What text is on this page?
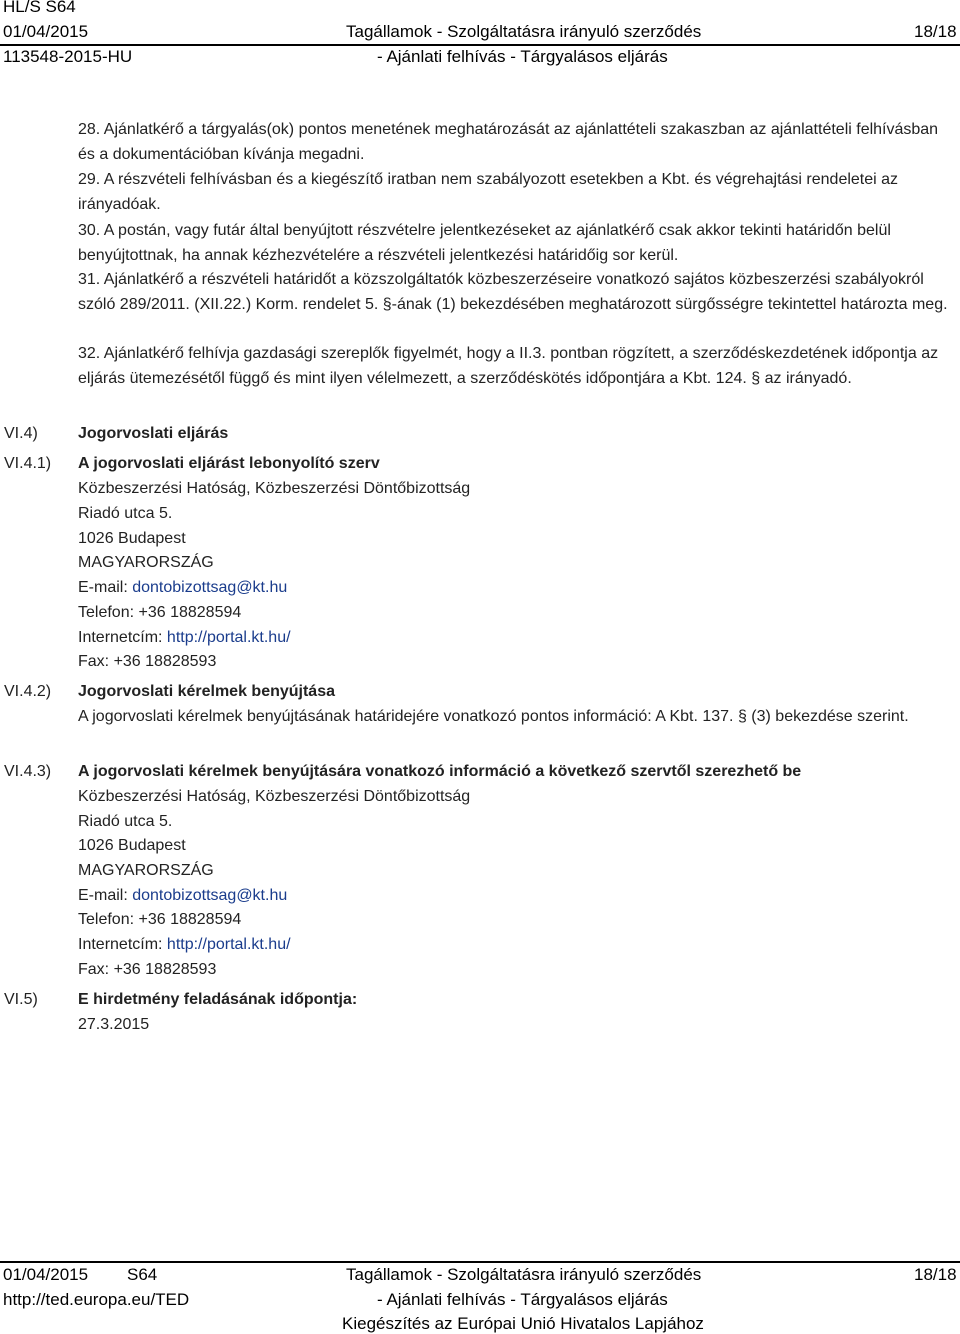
HL/S S64
01/04/2015
113548-2015-HU
Tagállamok - Szolgáltatásra irányuló szerződés
- Ajánlati felhívás - Tárgyalásos eljárás
18/18
28. Ajánlatkérő a tárgyalás(ok) pontos menetének meghatározását az ajánlattételi szakaszban az ajánlattételi felhívásban és a dokumentációban kívánja megadni.
29. A részvételi felhívásban és a kiegészítő iratban nem szabályozott esetekben a Kbt. és végrehajtási rendeletei az irányadóak.
30. A postán, vagy futár által benyújtott részvételre jelentkezéseket az ajánlatkérő csak akkor tekinti határidőn belül benyújtottnak, ha annak kézhezvételére a részvételi jelentkezési határidőig sor kerül.
31. Ajánlatkérő a részvételi határidőt a közszolgáltatók közbeszerzéseire vonatkozó sajátos közbeszerzési szabályokról szóló 289/2011. (XII.22.) Korm. rendelet 5. §-ának (1) bekezdésében meghatározott sürgősségre tekintettel határozta meg.
32. Ajánlatkérő felhívja gazdasági szereplők figyelmét, hogy a II.3. pontban rögzített, a szerződéskezdetének időpontja az eljárás ütemezésétől függő és mint ilyen vélelmezett, a szerződéskötés időpontjára a Kbt. 124. § az irányadó.
VI.4)	Jogorvoslati eljárás
VI.4.1) A jogorvoslati eljárást lebonyolító szerv
Közbeszerzési Hatóság, Közbeszerzési Döntőbizottság
Riadó utca 5.
1026 Budapest
MAGYARORSZÁG
E-mail: dontobizottsag@kt.hu
Telefon: +36 18828594
Internetcím: http://portal.kt.hu/
Fax: +36 18828593
VI.4.2) Jogorvoslati kérelmek benyújtása
A jogorvoslati kérelmek benyújtásának határidejére vonatkozó pontos információ: A Kbt. 137. § (3) bekezdése szerint.
VI.4.3) A jogorvoslati kérelmek benyújtására vonatkozó információ a következő szervtől szerezhető be
Közbeszerzési Hatóság, Közbeszerzési Döntőbizottság
Riadó utca 5.
1026 Budapest
MAGYARORSZÁG
E-mail: dontobizottsag@kt.hu
Telefon: +36 18828594
Internetcím: http://portal.kt.hu/
Fax: +36 18828593
VI.5)	E hirdetmény feladásának időpontja:
27.3.2015
01/04/2015 S64
http://ted.europa.eu/TED
Tagállamok - Szolgáltatásra irányuló szerződés
- Ajánlati felhívás - Tárgyalásos eljárás
Kiegészítés az Európai Unió Hivatalos Lapjához
18/18
